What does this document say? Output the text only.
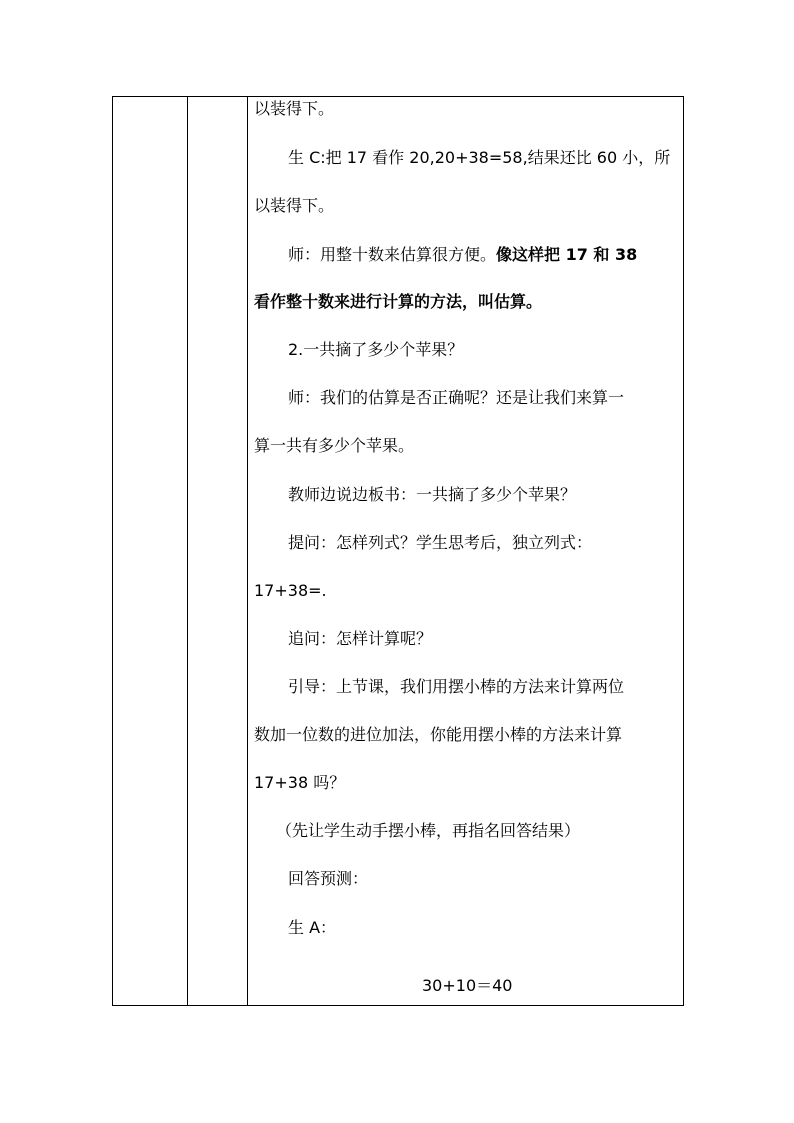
以装得下。
生 C:把 17 看作 20,20+38=58,结果还比 60 小，所
以装得下。
师：用整十数来估算很方便。像这样把 17 和 38
看作整十数来进行计算的方法，叫估算。
2.一共摘了多少个苹果？
师：我们的估算是否正确呢？还是让我们来算一
算一共有多少个苹果。
教师边说边板书：一共摘了多少个苹果？
提问：怎样列式？学生思考后，独立列式：
17+38=.
追问：怎样计算呢？
引导：上节课，我们用摆小棒的方法来计算两位
数加一位数的进位加法，你能用摆小棒的方法来计算
17+38 吗？
（先让学生动手摆小棒，再指名回答结果）
回答预测：
生 A：
30+10＝40
